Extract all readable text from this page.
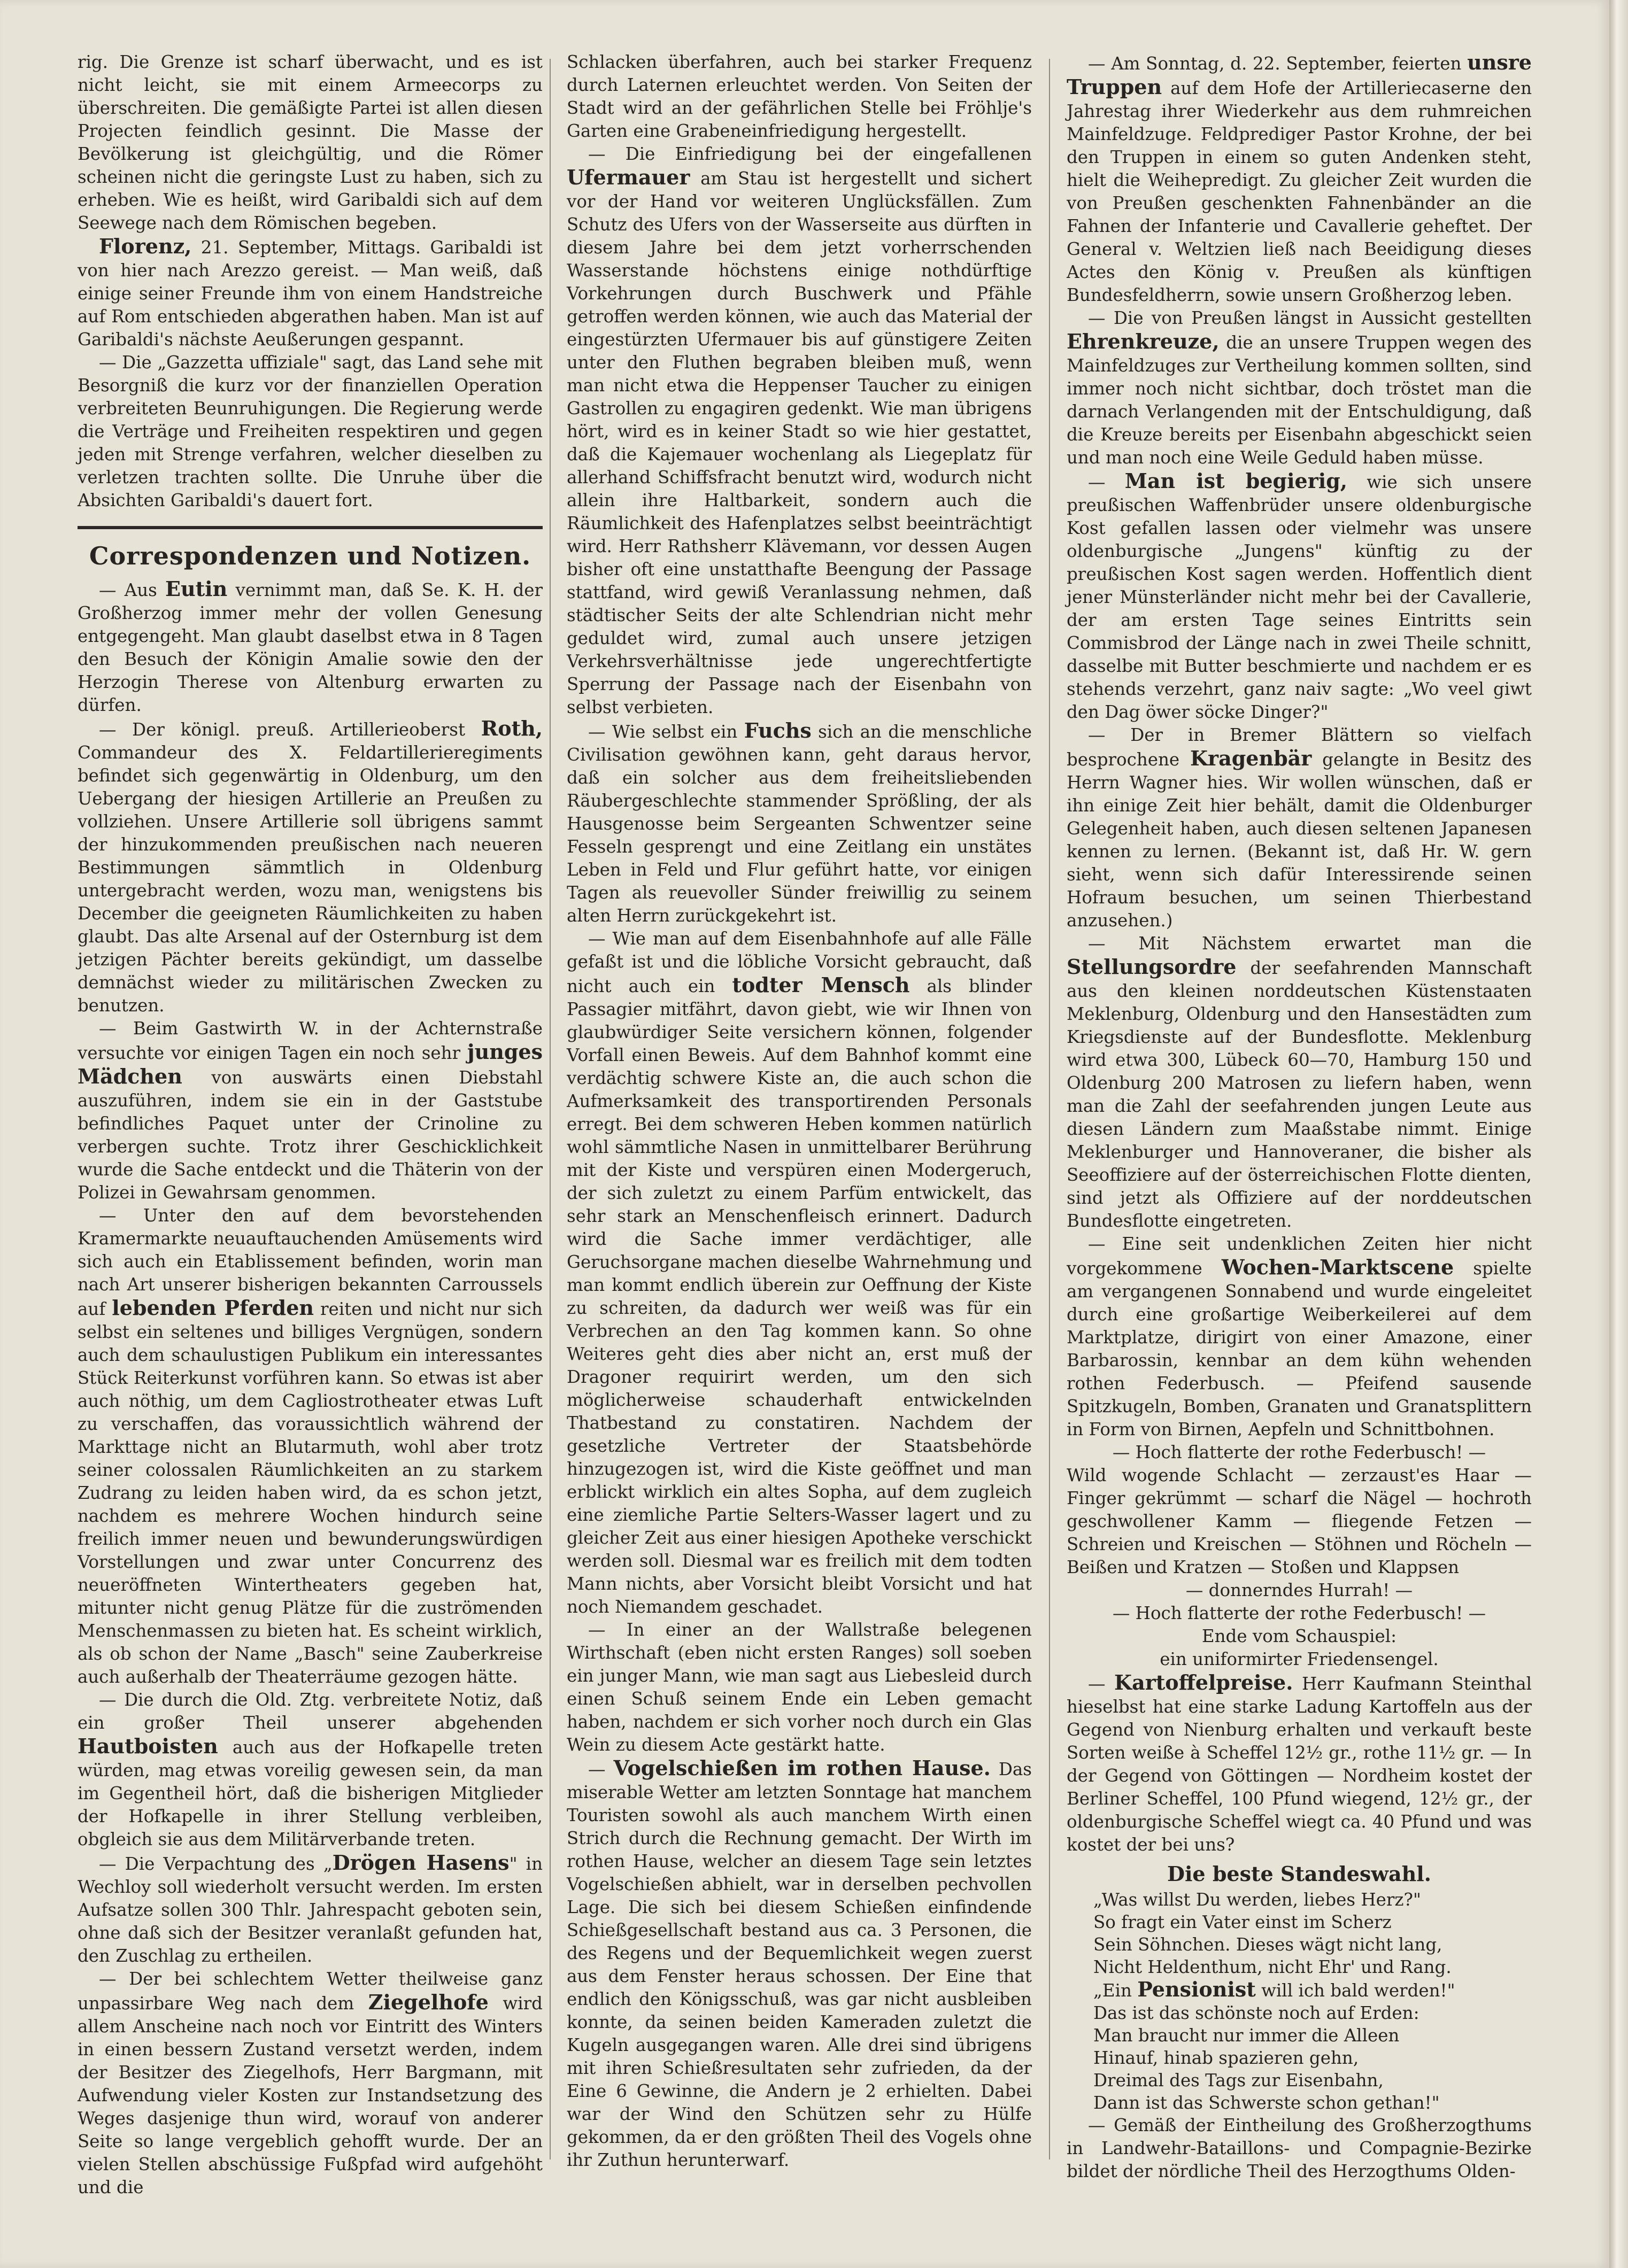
rig. Die Grenze ist scharf überwacht, und es ist nicht leicht, sie mit einem Armeecorps zu überschreiten. Die gemäßigte Partei ist allen diesen Projecten feindlich gesinnt. Die Masse der Bevölkerung ist gleichgültig, und die Römer scheinen nicht die geringste Lust zu haben, sich zu erheben. Wie es heißt, wird Garibaldi sich auf dem Seewege nach dem Römischen begeben.

Florenz, 21. September, Mittags. Garibaldi ist von hier nach Arezzo gereist. — Man weiß, daß einige seiner Freunde ihm von einem Handstreiche auf Rom entschieden abgerathen haben. Man ist auf Garibaldi's nächste Aeußerungen gespannt.

— Die „Gazzetta uffiziale" sagt, das Land sehe mit Besorgniß die kurz vor der finanziellen Operation verbreiteten Beunruhigungen. Die Regierung werde die Verträge und Freiheiten respektiren und gegen jeden mit Strenge verfahren, welcher dieselben zu verletzen trachten sollte. Die Unruhe über die Absichten Garibaldi's dauert fort.

Correspondenzen und Notizen.

— Aus Eutin vernimmt man, daß Se. K. H. der Großherzog immer mehr der vollen Genesung entgegengeht. Man glaubt daselbst etwa in 8 Tagen den Besuch der Königin Amalie sowie den der Herzogin Therese von Altenburg erwarten zu dürfen.

— Der königl. preuß. Artillerieoberst Roth, Commandeur des X. Feldartillerieregiments befindet sich gegenwärtig in Oldenburg, um den Uebergang der hiesigen Artillerie an Preußen zu vollziehen. Unsere Artillerie soll übrigens sammt der hinzukommenden preußischen nach neueren Bestimmungen sämmtlich in Oldenburg untergebracht werden, wozu man, wenigstens bis December die geeigneten Räumlichkeiten zu haben glaubt. Das alte Arsenal auf der Osternburg ist dem jetzigen Pächter bereits gekündigt, um dasselbe demnächst wieder zu militärischen Zwecken zu benutzen.

— Beim Gastwirth W. in der Achternstraße versuchte vor einigen Tagen ein noch sehr junges Mädchen von auswärts einen Diebstahl auszuführen, indem sie ein in der Gaststube befindliches Paquet unter der Crinoline zu verbergen suchte. Trotz ihrer Geschicklichkeit wurde die Sache entdeckt und die Thäterin von der Polizei in Gewahrsam genommen.

— Unter den auf dem bevorstehenden Kramermarkte neuauftauchenden Amüsements wird sich auch ein Etablissement befinden, worin man nach Art unserer bisherigen bekannten Carroussels auf lebenden Pferden reiten und nicht nur sich selbst ein seltenes und billiges Vergnügen, sondern auch dem schaulustigen Publikum ein interessantes Stück Reiterkunst vorführen kann. So etwas ist aber auch nöthig, um dem Cagliostrotheater etwas Luft zu verschaffen, das voraussichtlich während der Markttage nicht an Blutarmuth, wohl aber trotz seiner colossalen Räumlichkeiten an zu starkem Zudrang zu leiden haben wird, da es schon jetzt, nachdem es mehrere Wochen hindurch seine freilich immer neuen und bewunderungswürdigen Vorstellungen und zwar unter Concurrenz des neueröffneten Wintertheaters gegeben hat, mitunter nicht genug Plätze für die zuströmenden Menschenmassen zu bieten hat. Es scheint wirklich, als ob schon der Name „Basch" seine Zauberkreise auch außerhalb der Theaterräume gezogen hätte.

— Die durch die Old. Ztg. verbreitete Notiz, daß ein großer Theil unserer abgehenden Hautboisten auch aus der Hofkapelle treten würden, mag etwas voreilig gewesen sein, da man im Gegentheil hört, daß die bisherigen Mitglieder der Hofkapelle in ihrer Stellung verbleiben, obgleich sie aus dem Militärverbande treten.

— Die Verpachtung des „Drögen Hasens" in Wechloy soll wiederholt versucht werden. Im ersten Aufsatze sollen 300 Thlr. Jahrespacht geboten sein, ohne daß sich der Besitzer veranlaßt gefunden hat, den Zuschlag zu ertheilen.

— Der bei schlechtem Wetter theilweise ganz unpassirbare Weg nach dem Ziegelhofe wird allem Anscheine nach noch vor Eintritt des Winters in einen bessern Zustand versetzt werden, indem der Besitzer des Ziegelhofs, Herr Bargmann, mit Aufwendung vieler Kosten zur Instandsetzung des Weges dasjenige thun wird, worauf von anderer Seite so lange vergeblich gehofft wurde. Der an vielen Stellen abschüssige Fußpfad wird aufgehöht und die

Schlacken überfahren, auch bei starker Frequenz durch Laternen erleuchtet werden. Von Seiten der Stadt wird an der gefährlichen Stelle bei Fröhlje's Garten eine Grabeneinfriedigung hergestellt.

— Die Einfriedigung bei der eingefallenen Ufermauer am Stau ist hergestellt und sichert vor der Hand vor weiteren Unglücksfällen. Zum Schutz des Ufers von der Wasserseite aus dürften in diesem Jahre bei dem jetzt vorherrschenden Wasserstande höchstens einige nothdürftige Vorkehrungen durch Buschwerk und Pfähle getroffen werden können, wie auch das Material der eingestürzten Ufermauer bis auf günstigere Zeiten unter den Fluthen begraben bleiben muß, wenn man nicht etwa die Heppenser Taucher zu einigen Gastrollen zu engagiren gedenkt. Wie man übrigens hört, wird es in keiner Stadt so wie hier gestattet, daß die Kajemauer wochenlang als Liegeplatz für allerhand Schiffsfracht benutzt wird, wodurch nicht allein ihre Haltbarkeit, sondern auch die Räumlichkeit des Hafenplatzes selbst beeinträchtigt wird. Herr Rathsherr Klävemann, vor dessen Augen bisher oft eine unstatthafte Beengung der Passage stattfand, wird gewiß Veranlassung nehmen, daß städtischer Seits der alte Schlendrian nicht mehr geduldet wird, zumal auch unsere jetzigen Verkehrsverhältnisse jede ungerechtfertigte Sperrung der Passage nach der Eisenbahn von selbst verbieten.

— Wie selbst ein Fuchs sich an die menschliche Civilisation gewöhnen kann, geht daraus hervor, daß ein solcher aus dem freiheitsliebenden Räubergeschlechte stammender Sprößling, der als Hausgenosse beim Sergeanten Schwentzer seine Fesseln gesprengt und eine Zeitlang ein unstätes Leben in Feld und Flur geführt hatte, vor einigen Tagen als reuevoller Sünder freiwillig zu seinem alten Herrn zurückgekehrt ist.

— Wie man auf dem Eisenbahnhofe auf alle Fälle gefaßt ist und die löbliche Vorsicht gebraucht, daß nicht auch ein todter Mensch als blinder Passagier mitfährt, davon giebt, wie wir Ihnen von glaubwürdiger Seite versichern können, folgender Vorfall einen Beweis. Auf dem Bahnhof kommt eine verdächtig schwere Kiste an, die auch schon die Aufmerksamkeit des transportirenden Personals erregt. Bei dem schweren Heben kommen natürlich wohl sämmtliche Nasen in unmittelbarer Berührung mit der Kiste und verspüren einen Modergeruch, der sich zuletzt zu einem Parfüm entwickelt, das sehr stark an Menschenfleisch erinnert. Dadurch wird die Sache immer verdächtiger, alle Geruchsorgane machen dieselbe Wahrnehmung und man kommt endlich überein zur Oeffnung der Kiste zu schreiten, da dadurch wer weiß was für ein Verbrechen an den Tag kommen kann. So ohne Weiteres geht dies aber nicht an, erst muß der Dragoner requirirt werden, um den sich möglicherweise schauderhaft entwickelnden Thatbestand zu constatiren. Nachdem der gesetzliche Vertreter der Staatsbehörde hinzugezogen ist, wird die Kiste geöffnet und man erblickt wirklich ein altes Sopha, auf dem zugleich eine ziemliche Partie Selters-Wasser lagert und zu gleicher Zeit aus einer hiesigen Apotheke verschickt werden soll. Diesmal war es freilich mit dem todten Mann nichts, aber Vorsicht bleibt Vorsicht und hat noch Niemandem geschadet.

— In einer an der Wallstraße belegenen Wirthschaft (eben nicht ersten Ranges) soll soeben ein junger Mann, wie man sagt aus Liebesleid durch einen Schuß seinem Ende ein Leben gemacht haben, nachdem er sich vorher noch durch ein Glas Wein zu diesem Acte gestärkt hatte.

— Vogelschießen im rothen Hause. Das miserable Wetter am letzten Sonntage hat manchem Touristen sowohl als auch manchem Wirth einen Strich durch die Rechnung gemacht. Der Wirth im rothen Hause, welcher an diesem Tage sein letztes Vogelschießen abhielt, war in derselben pechvollen Lage. Die sich bei diesem Schießen einfindende Schießgesellschaft bestand aus ca. 3 Personen, die des Regens und der Bequemlichkeit wegen zuerst aus dem Fenster heraus schossen. Der Eine that endlich den Königsschuß, was gar nicht ausbleiben konnte, da seinen beiden Kameraden zuletzt die Kugeln ausgegangen waren. Alle drei sind übrigens mit ihren Schießresultaten sehr zufrieden, da der Eine 6 Gewinne, die Andern je 2 erhielten. Dabei war der Wind den Schützen sehr zu Hülfe gekommen, da er den größten Theil des Vogels ohne ihr Zuthun herunterwarf.

— Am Sonntag, d. 22. September, feierten unsre Truppen auf dem Hofe der Artilleriecaserne den Jahrestag ihrer Wiederkehr aus dem ruhmreichen Mainfeldzuge. Feldprediger Pastor Krohne, der bei den Truppen in einem so guten Andenken steht, hielt die Weihepredigt. Zu gleicher Zeit wurden die von Preußen geschenkten Fahnenbänder an die Fahnen der Infanterie und Cavallerie geheftet. Der General v. Weltzien ließ nach Beeidigung dieses Actes den König v. Preußen als künftigen Bundesfeldherrn, sowie unsern Großherzog leben.

— Die von Preußen längst in Aussicht gestellten Ehrenkreuze, die an unsere Truppen wegen des Mainfeldzuges zur Vertheilung kommen sollten, sind immer noch nicht sichtbar, doch tröstet man die darnach Verlangenden mit der Entschuldigung, daß die Kreuze bereits per Eisenbahn abgeschickt seien und man noch eine Weile Geduld haben müsse.

— Man ist begierig, wie sich unsere preußischen Waffenbrüder unsere oldenburgische Kost gefallen lassen oder vielmehr was unsere oldenburgische „Jungens" künftig zu der preußischen Kost sagen werden. Hoffentlich dient jener Münsterländer nicht mehr bei der Cavallerie, der am ersten Tage seines Eintritts sein Commisbrod der Länge nach in zwei Theile schnitt, dasselbe mit Butter beschmierte und nachdem er es stehends verzehrt, ganz naiv sagte: „Wo veel giwt den Dag öwer söcke Dinger?"

— Der in Bremer Blättern so vielfach besprochene Kragenbär gelangte in Besitz des Herrn Wagner hies. Wir wollen wünschen, daß er ihn einige Zeit hier behält, damit die Oldenburger Gelegenheit haben, auch diesen seltenen Japanesen kennen zu lernen. (Bekannt ist, daß Hr. W. gern sieht, wenn sich dafür Interessirende seinen Hofraum besuchen, um seinen Thierbestand anzusehen.)

— Mit Nächstem erwartet man die Stellungsordre der seefahrenden Mannschaft aus den kleinen norddeutschen Küstenstaaten Meklenburg, Oldenburg und den Hansestädten zum Kriegsdienste auf der Bundesflotte. Meklenburg wird etwa 300, Lübeck 60—70, Hamburg 150 und Oldenburg 200 Matrosen zu liefern haben, wenn man die Zahl der seefahrenden jungen Leute aus diesen Ländern zum Maaßstabe nimmt. Einige Meklenburger und Hannoveraner, die bisher als Seeoffiziere auf der österreichischen Flotte dienten, sind jetzt als Offiziere auf der norddeutschen Bundesflotte eingetreten.

— Eine seit undenklichen Zeiten hier nicht vorgekommene Wochen-Marktscene spielte am vergangenen Sonnabend und wurde eingeleitet durch eine großartige Weiberkeilerei auf dem Marktplatze, dirigirt von einer Amazone, einer Barbarossin, kennbar an dem kühn wehenden rothen Federbusch. — Pfeifend sausende Spitzkugeln, Bomben, Granaten und Granatsplittern in Form von Birnen, Aepfeln und Schnittbohnen.

— Hoch flatterte der rothe Federbusch! —

Wild wogende Schlacht — zerzaust'es Haar — Finger gekrümmt — scharf die Nägel — hochroth geschwollener Kamm — fliegende Fetzen — Schreien und Kreischen — Stöhnen und Röcheln — Beißen und Kratzen — Stoßen und Klappsen

— donnerndes Hurrah! —

— Hoch flatterte der rothe Federbusch! —

Ende vom Schauspiel:

ein uniformirter Friedensengel.

— Kartoffelpreise. Herr Kaufmann Steinthal hieselbst hat eine starke Ladung Kartoffeln aus der Gegend von Nienburg erhalten und verkauft beste Sorten weiße à Scheffel 12½ gr., rothe 11½ gr. — In der Gegend von Göttingen — Nordheim kostet der Berliner Scheffel, 100 Pfund wiegend, 12½ gr., der oldenburgische Scheffel wiegt ca. 40 Pfund und was kostet der bei uns?

Die beste Standeswahl.
„Was willst Du werden, liebes Herz?"
So fragt ein Vater einst im Scherz
Sein Söhnchen. Dieses wägt nicht lang,
Nicht Heldenthum, nicht Ehr' und Rang.
„Ein Pensionist will ich bald werden!"
Das ist das schönste noch auf Erden:
Man braucht nur immer die Alleen
Hinauf, hinab spazieren gehn,
Dreimal des Tags zur Eisenbahn,
Dann ist das Schwerste schon gethan!"

— Gemäß der Eintheilung des Großherzogthums in Landwehr-Bataillons- und Compagnie-Bezirke bildet der nördliche Theil des Herzogthums Olden-
